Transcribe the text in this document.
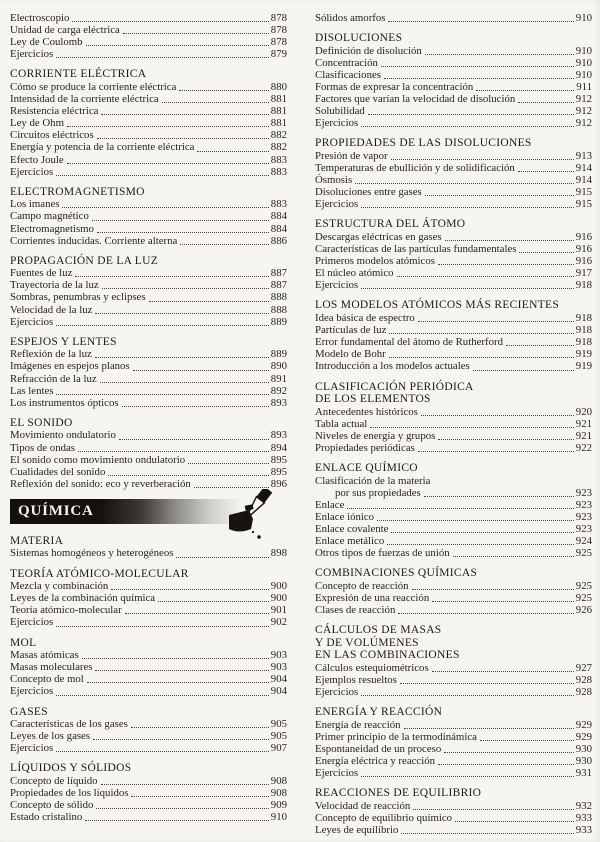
Electroscopio	878
Unidad de carga eléctrica	878
Ley de Coulomb	878
Ejercicios	879
CORRIENTE ELÉCTRICA
Cómo se produce la corriente eléctrica	880
Intensidad de la corriente eléctrica	881
Resistencia eléctrica	881
Ley de Ohm	881
Circuitos eléctricos	882
Energía y potencia de la corriente eléctrica	882
Efecto Joule	883
Ejercicios	883
ELECTROMAGNETISMO
Los imanes	883
Campo magnético	884
Electromagnetismo	884
Corrientes inducidas. Corriente alterna	886
PROPAGACIÓN DE LA LUZ
Fuentes de luz	887
Trayectoria de la luz	887
Sombras, penumbras y eclipses	888
Velocidad de la luz	888
Ejercicios	889
ESPEJOS Y LENTES
Reflexión de la luz	889
Imágenes en espejos planos	890
Refracción de la luz	891
Las lentes	892
Los instrumentos ópticos	893
EL SONIDO
Movimiento ondulatorio	893
Tipos de ondas	894
El sonido como movimiento ondulatorio	895
Cualidades del sonido	895
Reflexión del sonido: eco y reverberación	896
QUÍMICA
MATERIA
Sistemas homogéneos y heterogéneos	898
TEORÍA ATÓMICO-MOLECULAR
Mezcla y combinación	900
Leyes de la combinación química	900
Teoría atómico-molecular	901
Ejercicios	902
MOL
Masas atómicas	903
Masas moleculares	903
Concepto de mol	904
Ejercicios	904
GASES
Características de los gases	905
Leyes de los gases	905
Ejercicios	907
LÍQUIDOS Y SÓLIDOS
Concepto de líquido	908
Propiedades de los líquidos	908
Concepto de sólido	909
Estado cristalino	910
Sólidos amorfos	910
DISOLUCIONES
Definición de disolución	910
Concentración	910
Clasificaciones	910
Formas de expresar la concentración	911
Factores que varían la velocidad de disolución	912
Solubilidad	912
Ejercicios	912
PROPIEDADES DE LAS DISOLUCIONES
Presión de vapor	913
Temperaturas de ebullición y de solidificación	914
Ósmosis	914
Disoluciones entre gases	915
Ejercicios	915
ESTRUCTURA DEL ÁTOMO
Descargas eléctricas en gases	916
Características de las partículas fundamentales	916
Primeros modelos atómicos	916
El núcleo atómico	917
Ejercicios	918
LOS MODELOS ATÓMICOS MÁS RECIENTES
Idea básica de espectro	918
Partículas de luz	918
Error fundamental del átomo de Rutherford	918
Modelo de Bohr	919
Introducción a los modelos actuales	919
CLASIFICACIÓN PERIÓDICA
DE LOS ELEMENTOS
Antecedentes históricos	920
Tabla actual	921
Niveles de energía y grupos	921
Propiedades periódicas	922
ENLACE QUÍMICO
Clasificación de la materia
por sus propiedades	923
Enlace	923
Enlace iónico	923
Enlace covalente	923
Enlace metálico	924
Otros tipos de fuerzas de unión	925
COMBINACIONES QUÍMICAS
Concepto de reacción	925
Expresión de una reacción	925
Clases de reacción	926
CÁLCULOS DE MASAS
Y DE VOLÚMENES
EN LAS COMBINACIONES
Cálculos estequiométricos	927
Ejemplos resueltos	928
Ejercicios	928
ENERGÍA Y REACCIÓN
Energía de reacción	929
Primer principio de la termodinámica	929
Espontaneidad de un proceso	930
Energía eléctrica y reacción	930
Ejercicios	931
REACCIONES DE EQUILIBRIO
Velocidad de reacción	932
Concepto de equilibrio químico	933
Leyes de equilibrio	933
